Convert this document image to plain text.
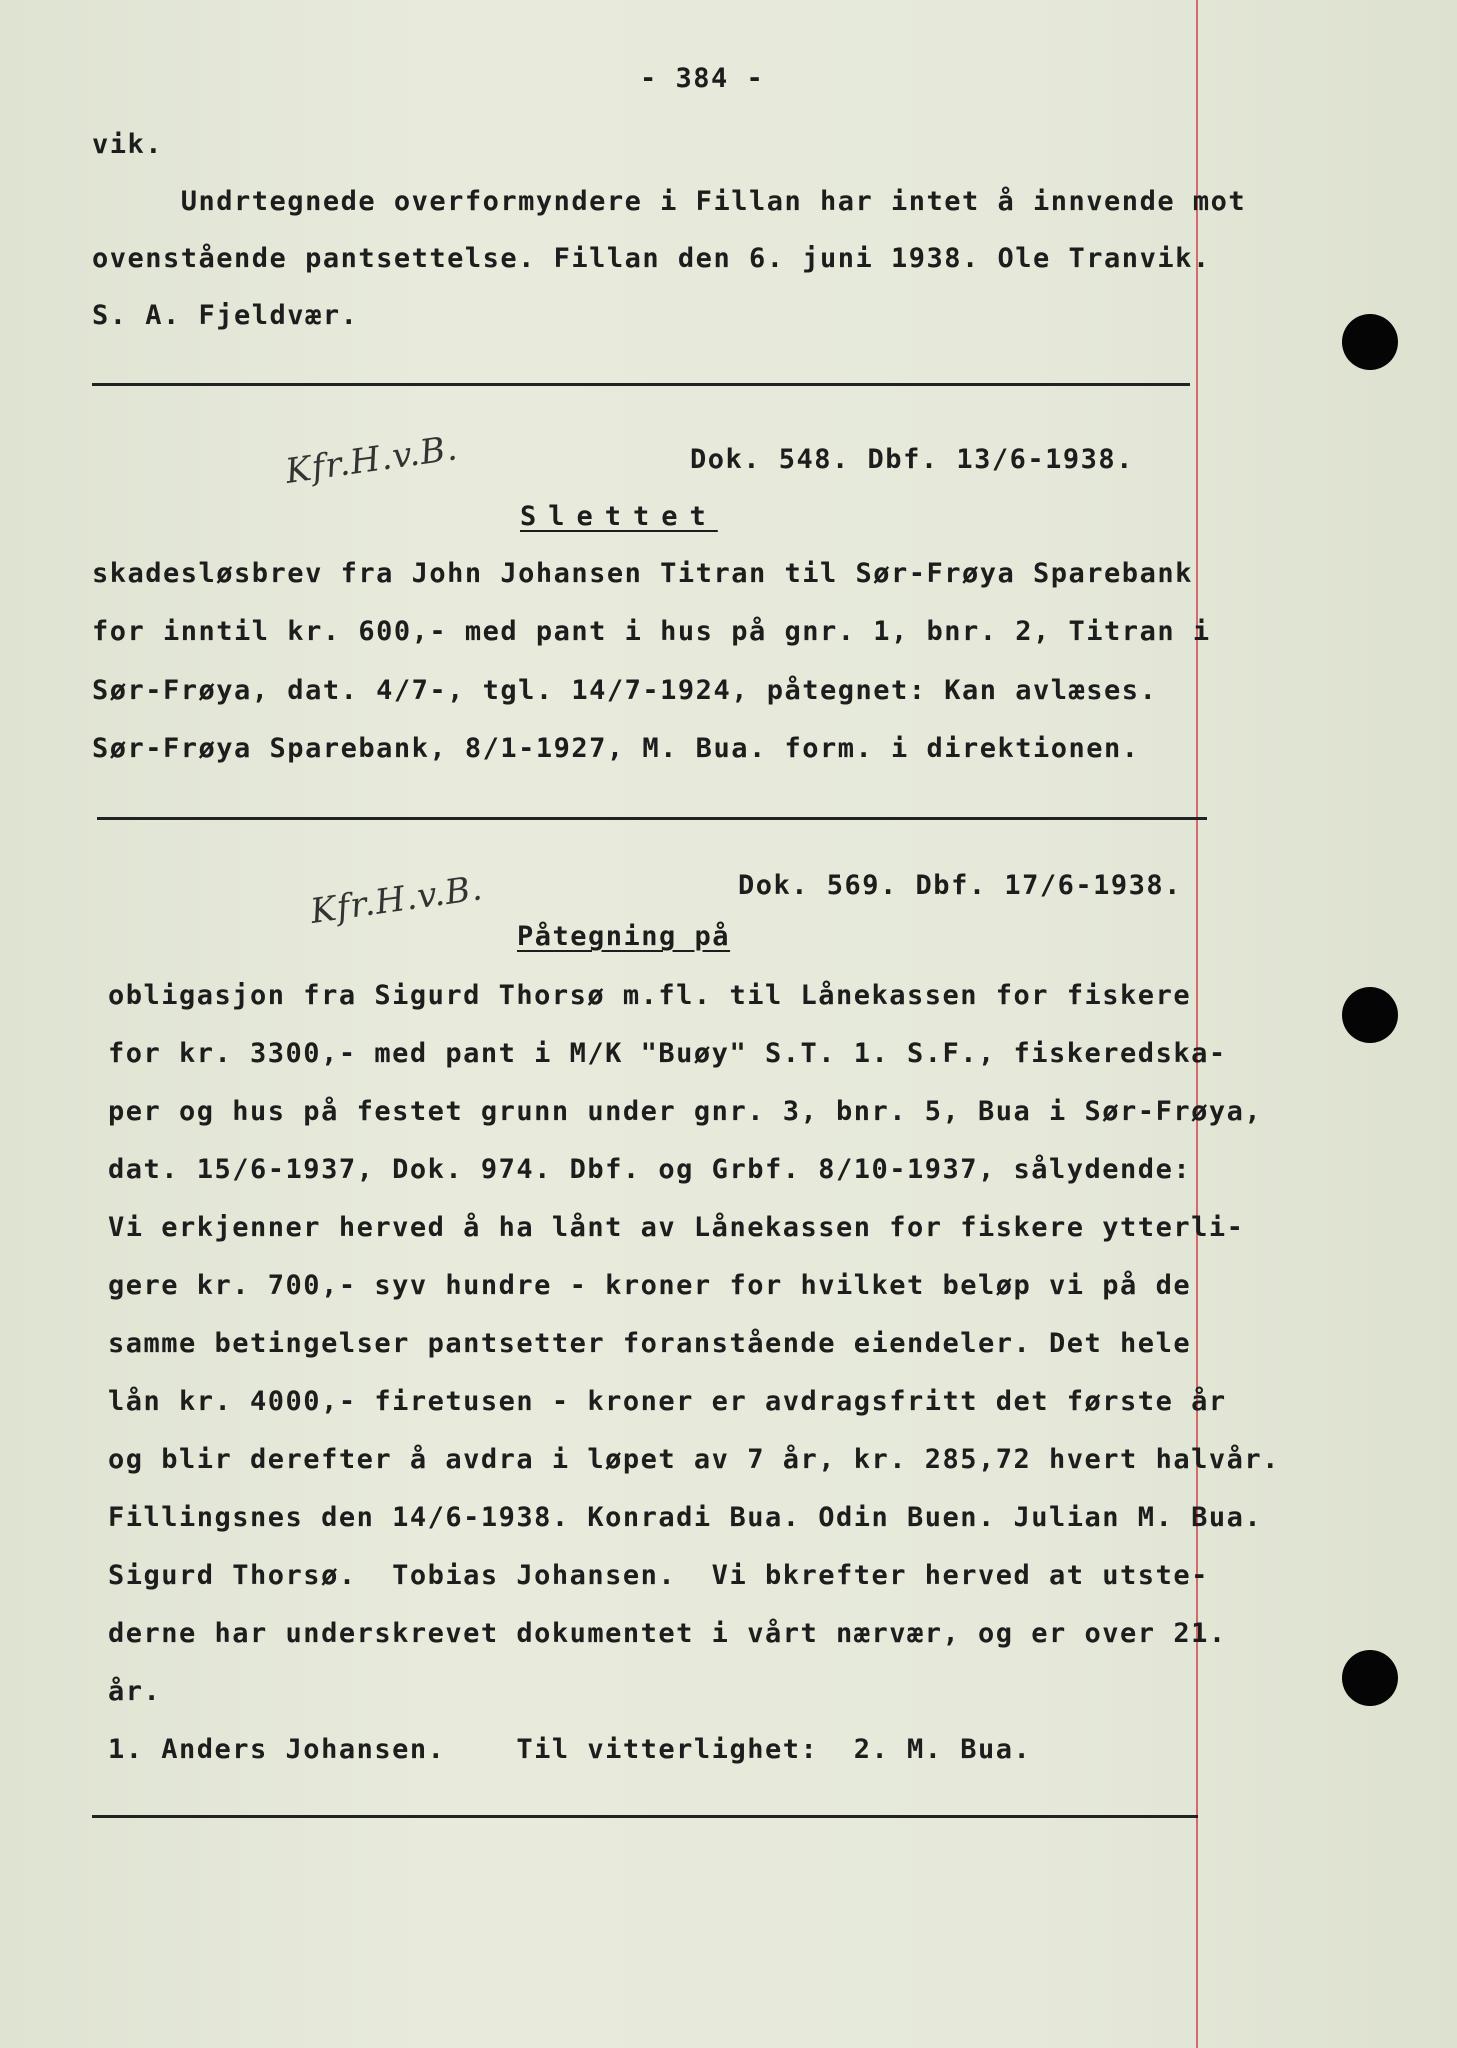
- 384 -
vik.
Undrtegnede overformyndere i Fillan har intet å innvende mot
ovenstående pantsettelse. Fillan den 6. juni 1938. Ole Tranvik.
S. A. Fjeldvær.
Kfr.H.v.B.	Dok. 548. Dbf. 13/6-1938.
Slettet
skadesløsbrev fra John Johansen Titran til Sør-Frøya Sparebank
for inntil kr. 600,- med pant i hus på gnr. 1, bnr. 2, Titran i
Sør-Frøya, dat. 4/7-, tgl. 14/7-1924, påtegnet: Kan avlæses.
Sør-Frøya Sparebank, 8/1-1927, M. Bua. form. i direktionen.
Kfr.H.v.B.	Dok. 569. Dbf. 17/6-1938.
Påtegning på
obligasjon fra Sigurd Thorsø m.fl. til Lånekassen for fiskere
for kr. 3300,- med pant i M/K "Buøy" S.T. 1. S.F., fiskeredska-
per og hus på festet grunn under gnr. 3, bnr. 5, Bua i Sør-Frøya,
dat. 15/6-1937, Dok. 974. Dbf. og Grbf. 8/10-1937, sålydende:
Vi erkjenner herved å ha lånt av Lånekassen for fiskere ytterli-
gere kr. 700,- syv hundre - kroner for hvilket beløp vi på de
samme betingelser pantsetter foranstående eiendeler. Det hele
lån kr. 4000,- firetusen - kroner er avdragsfritt det første år
og blir derefter å avdra i løpet av 7 år, kr. 285,72 hvert halvår.
Fillingsnes den 14/6-1938. Konradi Bua. Odin Buen. Julian M. Bua.
Sigurd Thorsø.  Tobias Johansen.  Vi bkrefter herved at utste-
derne har underskrevet dokumentet i vårt nærvær, og er over 21.
år.
1. Anders Johansen.    Til vitterlighet:  2. M. Bua.
